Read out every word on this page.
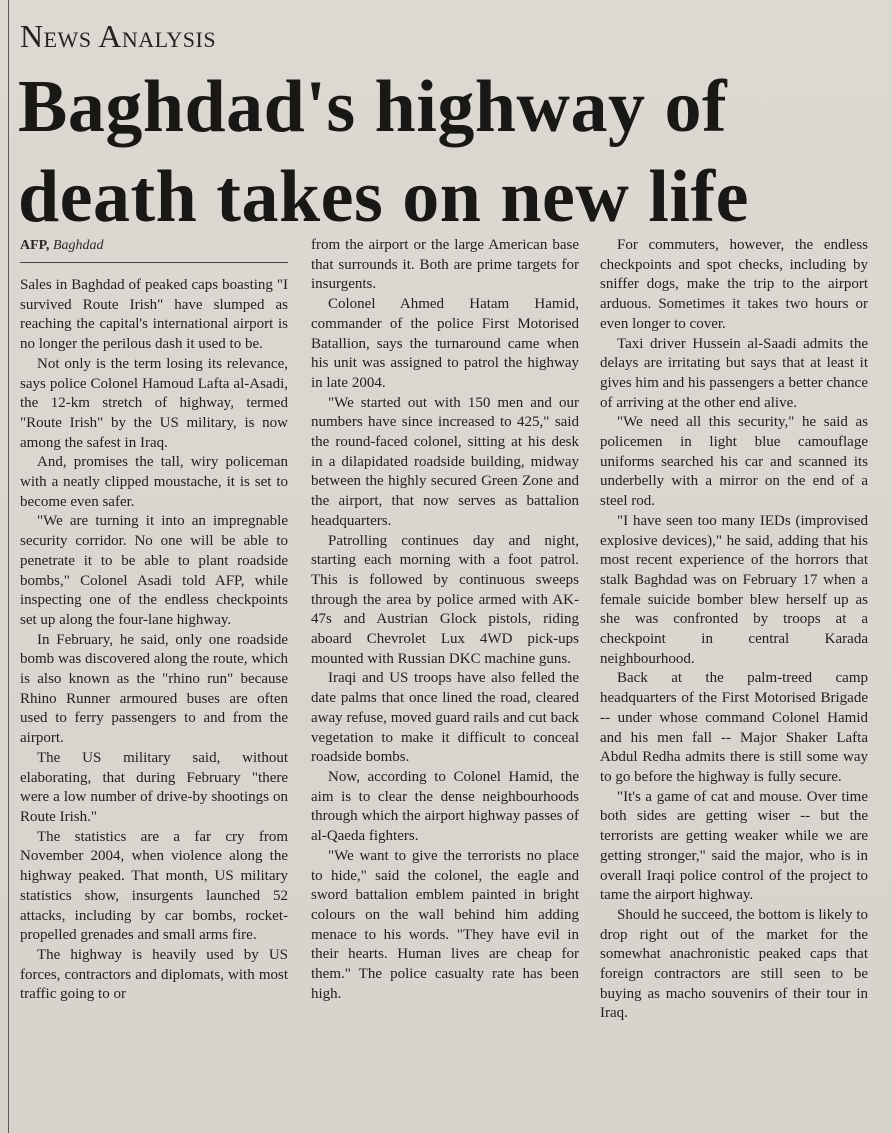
News Analysis
Baghdad's highway of death takes on new life
AFP, Baghdad

Sales in Baghdad of peaked caps boasting "I survived Route Irish" have slumped as reaching the capital's international airport is no longer the perilous dash it used to be.

Not only is the term losing its relevance, says police Colonel Hamoud Lafta al-Asadi, the 12-km stretch of highway, termed "Route Irish" by the US military, is now among the safest in Iraq.

And, promises the tall, wiry policeman with a neatly clipped moustache, it is set to become even safer.

"We are turning it into an impregnable security corridor. No one will be able to penetrate it to be able to plant roadside bombs," Colonel Asadi told AFP, while inspecting one of the endless checkpoints set up along the four-lane highway.

In February, he said, only one roadside bomb was discovered along the route, which is also known as the "rhino run" because Rhino Runner armoured buses are often used to ferry passengers to and from the airport.

The US military said, without elaborating, that during February "there were a low number of drive-by shootings on Route Irish."

The statistics are a far cry from November 2004, when violence along the highway peaked. That month, US military statistics show, insurgents launched 52 attacks, including by car bombs, rocket-propelled grenades and small arms fire.

The highway is heavily used by US forces, contractors and diplomats, with most traffic going to or

from the airport or the large American base that surrounds it. Both are prime targets for insurgents.

Colonel Ahmed Hatam Hamid, commander of the police First Motorised Batallion, says the turnaround came when his unit was assigned to patrol the highway in late 2004.

"We started out with 150 men and our numbers have since increased to 425," said the round-faced colonel, sitting at his desk in a dilapidated roadside building, midway between the highly secured Green Zone and the airport, that now serves as battalion headquarters.

Patrolling continues day and night, starting each morning with a foot patrol. This is followed by continuous sweeps through the area by police armed with AK-47s and Austrian Glock pistols, riding aboard Chevrolet Lux 4WD pick-ups mounted with Russian DKC machine guns.

Iraqi and US troops have also felled the date palms that once lined the road, cleared away refuse, moved guard rails and cut back vegetation to make it difficult to conceal roadside bombs.

Now, according to Colonel Hamid, the aim is to clear the dense neighbourhoods through which the airport highway passes of al-Qaeda fighters.

"We want to give the terrorists no place to hide," said the colonel, the eagle and sword battalion emblem painted in bright colours on the wall behind him adding menace to his words. "They have evil in their hearts. Human lives are cheap for them." The police casualty rate has been high.

For commuters, however, the endless checkpoints and spot checks, including by sniffer dogs, make the trip to the airport arduous. Sometimes it takes two hours or even longer to cover.

Taxi driver Hussein al-Saadi admits the delays are irritating but says that at least it gives him and his passengers a better chance of arriving at the other end alive.

"We need all this security," he said as policemen in light blue camouflage uniforms searched his car and scanned its underbelly with a mirror on the end of a steel rod.

"I have seen too many IEDs (improvised explosive devices)," he said, adding that his most recent experience of the horrors that stalk Baghdad was on February 17 when a female suicide bomber blew herself up as she was confronted by troops at a checkpoint in central Karada neighbourhood.

Back at the palm-treed camp headquarters of the First Motorised Brigade -- under whose command Colonel Hamid and his men fall -- Major Shaker Lafta Abdul Redha admits there is still some way to go before the highway is fully secure.

"It's a game of cat and mouse. Over time both sides are getting wiser -- but the terrorists are getting weaker while we are getting stronger," said the major, who is in overall Iraqi police control of the project to tame the airport highway.

Should he succeed, the bottom is likely to drop right out of the market for the somewhat anachronistic peaked caps that foreign contractors are still seen to be buying as macho souvenirs of their tour in Iraq.
